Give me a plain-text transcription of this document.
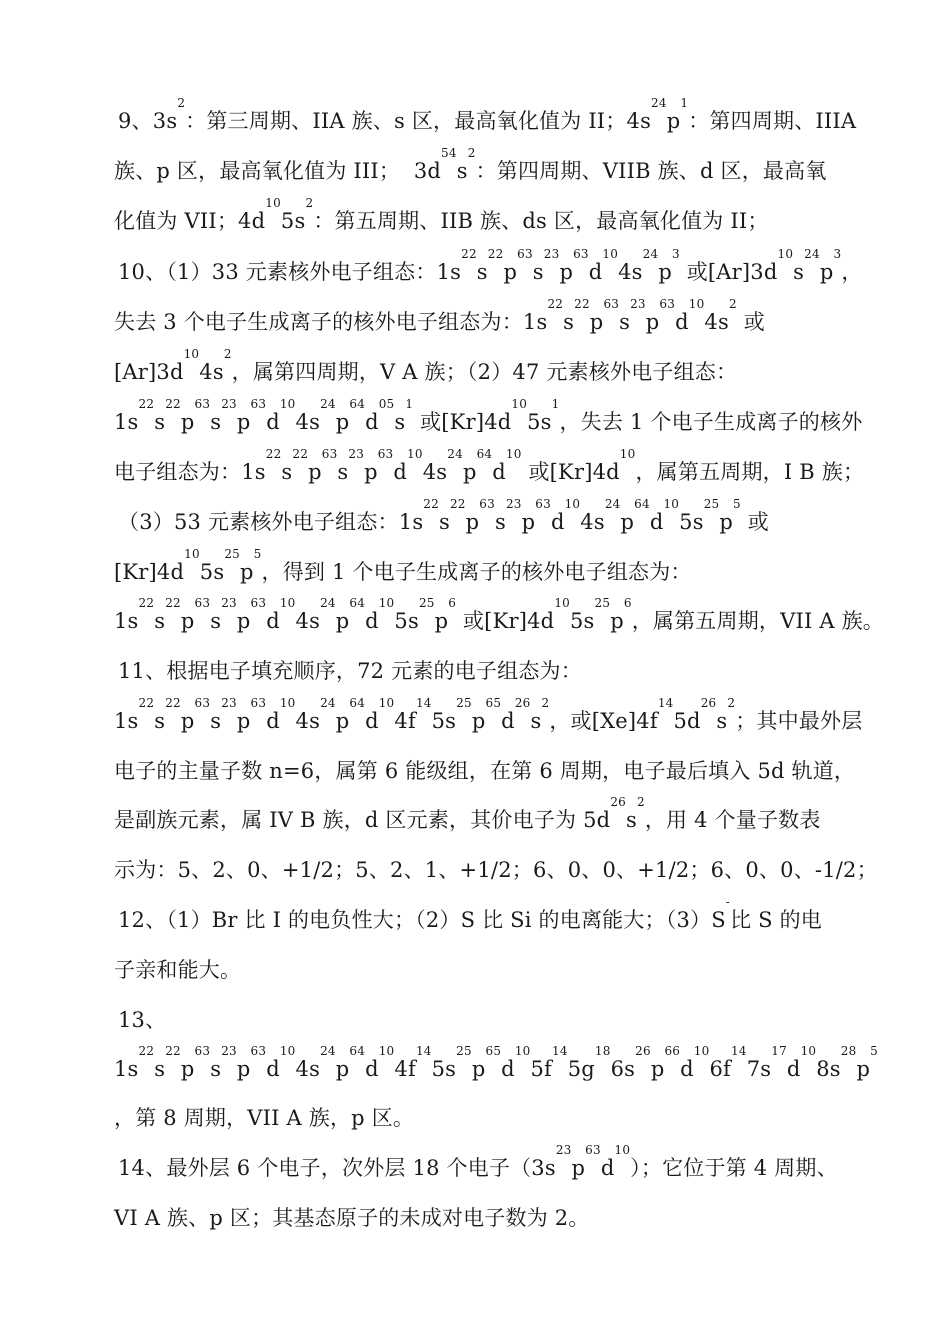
9、$3s^2$：第三周期、IIA 族、s 区，最高氧化值为 II；$4s^{24}p^1$：第四周期、IIIA
族、p 区，最高氧化值为 III；  $3d^{54}s^2$：第四周期、VIIB 族、d 区，最高氧
化值为 VII；$4d^{10}5s^2$：第五周期、IIB 族、ds 区，最高氧化值为 II；
10、（1）33 元素核外电子组态：$1s^{22}s^{22}p^{63}s^{23}p^{63}d^{10}4s^{24}p^3$ 或$[Ar]3d^{10}s^{24}p^3$，
失去 3 个电子生成离子的核外电子组态为：$1s^{22}s^{22}p^{63}s^{23}p^{63}d^{10}4s^2$ 或
$[Ar]3d^{10}4s^2$，属第四周期，V A 族；（2）47 元素核外电子组态：
$1s^{22}s^{22}p^{63}s^{23}p^{63}d^{10}4s^{24}p^{64}d^{05}s^1$ 或$[Kr]4d^{10}5s^1$，失去 1 个电子生成离子的核外
电子组态为：$1s^{22}s^{22}p^{63}s^{23}p^{63}d^{10}4s^{24}p^{64}d^{10}$ 或$[Kr]4d^{10}$，属第五周期，I B 族；
（3）53 元素核外电子组态：$1s^{22}s^{22}p^{63}s^{23}p^{63}d^{10}4s^{24}p^{64}d^{10}5s^{25}p^5$ 或
$[Kr]4d^{10}5s^{25}p^5$，得到 1 个电子生成离子的核外电子组态为：
$1s^{22}s^{22}p^{63}s^{23}p^{63}d^{10}4s^{24}p^{64}d^{10}5s^{25}p^6$ 或$[Kr]4d^{10}5s^{25}p^6$，属第五周期，VII A 族。
11、根据电子填充顺序，72 元素的电子组态为：
$1s^{22}s^{22}p^{63}s^{23}p^{63}d^{10}4s^{24}p^{64}d^{10}4f^{14}5s^{25}p^{65}d^{26}s^2$，或$[Xe]4f^{14}5d^{26}s^2$；其中最外层
电子的主量子数 n=6，属第 6 能级组，在第 6 周期，电子最后填入 5d 轨道，
是副族元素，属 IV B 族，d 区元素，其价电子为 $5d^{26}s^2$，用 4 个量子数表
示为：5、2、0、+1/2；5、2、1、+1/2；6、0、0、+1/2；6、0、0、-1/2；
12、（1）Br 比 I 的电负性大；（2）S 比 Si 的电离能大；（3）S-比 S 的电
子亲和能大。
13、
$1s^{22}s^{22}p^{63}s^{23}p^{63}d^{10}4s^{24}p^{64}d^{10}4f^{14}5s^{25}p^{65}d^{10}5f^{14}5g^{18}6s^{26}p^{66}d^{10}6f^{14}7s^{17}d^{10}8s^{28}p^5$
，第 8 周期，VII A 族，p 区。
14、最外层 6 个电子，次外层 18 个电子$(3s^{23}p^{63}d^{10})$；它位于第 4 周期、
VI A 族、p 区；其基态原子的未成对电子数为 2。
